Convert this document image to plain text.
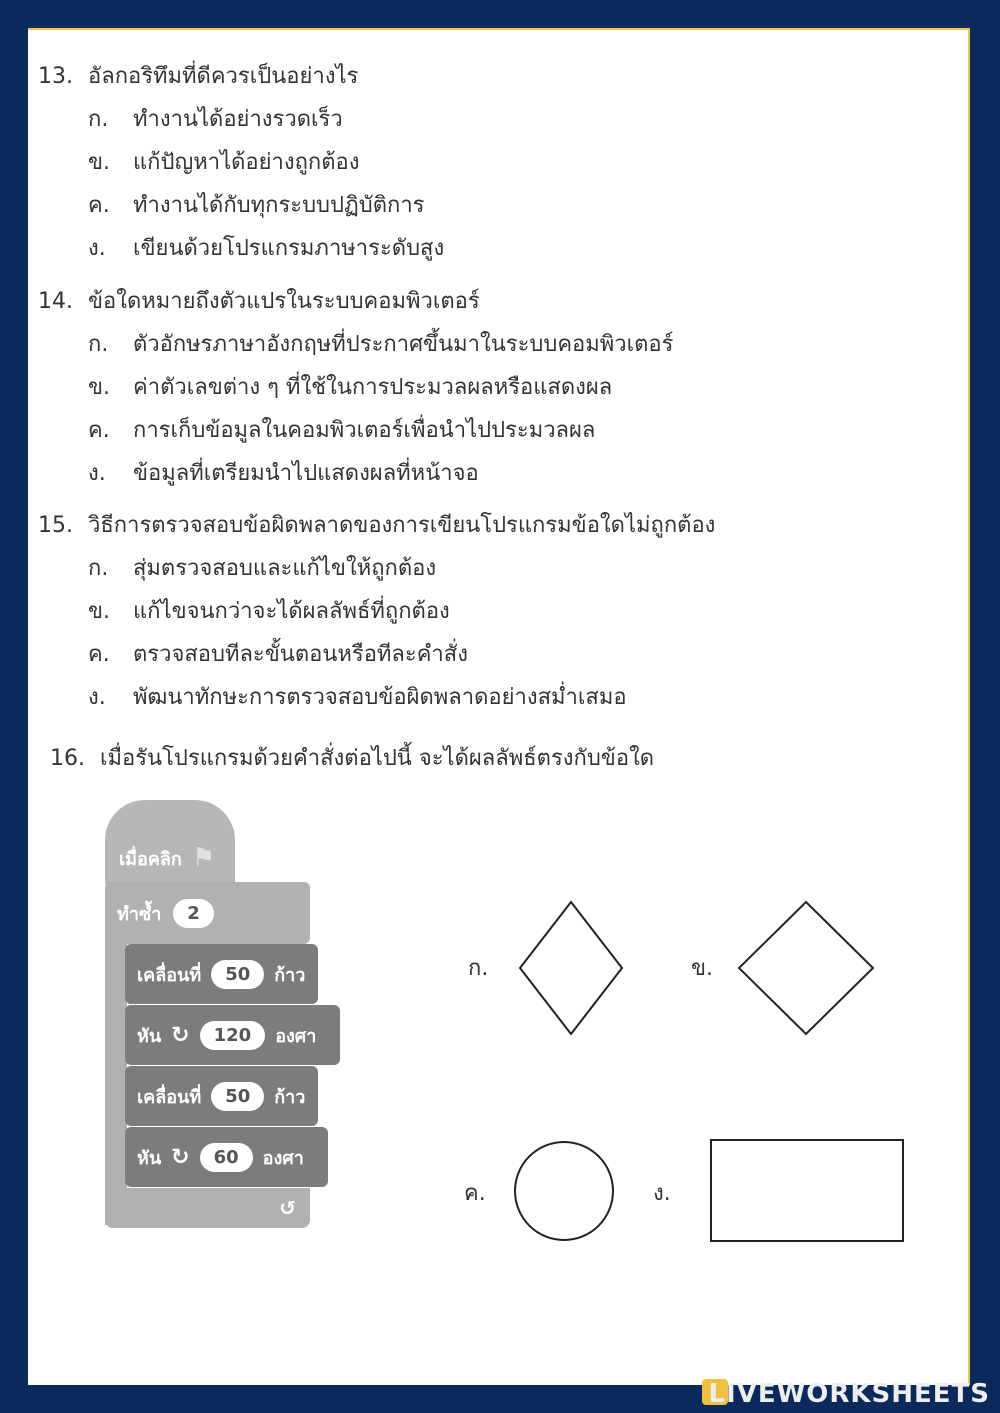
13. อัลกอริทึมที่ดีควรเป็นอย่างไร
ก. ทำงานได้อย่างรวดเร็ว
ข. แก้ปัญหาได้อย่างถูกต้อง
ค. ทำงานได้กับทุกระบบปฏิบัติการ
ง. เขียนด้วยโปรแกรมภาษาระดับสูง
14. ข้อใดหมายถึงตัวแปรในระบบคอมพิวเตอร์
ก. ตัวอักษรภาษาอังกฤษที่ประกาศขึ้นมาในระบบคอมพิวเตอร์
ข. ค่าตัวเลขต่าง ๆ ที่ใช้ในการประมวลผลหรือแสดงผล
ค. การเก็บข้อมูลในคอมพิวเตอร์เพื่อนำไปประมวลผล
ง. ข้อมูลที่เตรียมนำไปแสดงผลที่หน้าจอ
15. วิธีการตรวจสอบข้อผิดพลาดของการเขียนโปรแกรมข้อใดไม่ถูกต้อง
ก. สุ่มตรวจสอบและแก้ไขให้ถูกต้อง
ข. แก้ไขจนกว่าจะได้ผลลัพธ์ที่ถูกต้อง
ค. ตรวจสอบทีละขั้นตอนหรือทีละคำสั่ง
ง. พัฒนาทักษะการตรวจสอบข้อผิดพลาดอย่างสม่ำเสมอ
16. เมื่อรันโปรแกรมด้วยคำสั่งต่อไปนี้ จะได้ผลลัพธ์ตรงกับข้อใด
เมื่อคลิก ⚑
ทำซ้ำ	2
เคลื่อนที่	50	ก้าว
หัน ↻	120	องศา
เคลื่อนที่	50	ก้าว
หัน ↻	60	องศา
↺
ก.	ข.
ค.	ง.
LIVEWORKSHEETS
